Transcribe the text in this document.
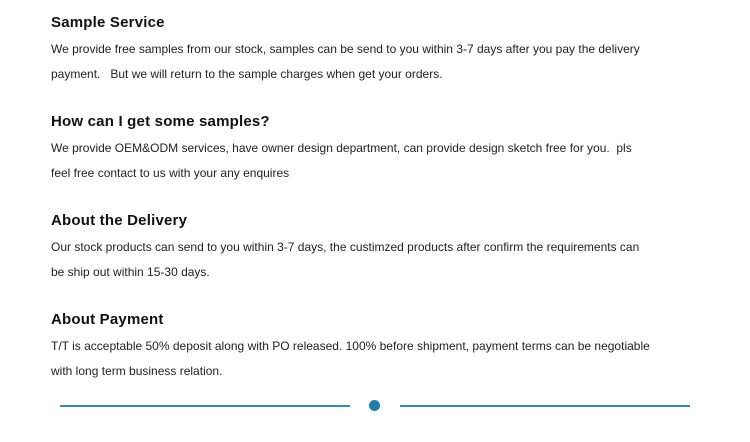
Sample Service
We provide free samples from our stock, samples can be send to you within 3-7 days after you pay the delivery
payment.   But we will return to the sample charges when get your orders.
How can I get some samples?
We provide OEM&ODM services, have owner design department, can provide design sketch free for you.  pls
feel free contact to us with your any enquires
About the Delivery
Our stock products can send to you within 3-7 days, the custimzed products after confirm the requirements can
be ship out within 15-30 days.
About Payment
T/T is acceptable 50% deposit along with PO released. 100% before shipment, payment terms can be negotiable
with long term business relation.
